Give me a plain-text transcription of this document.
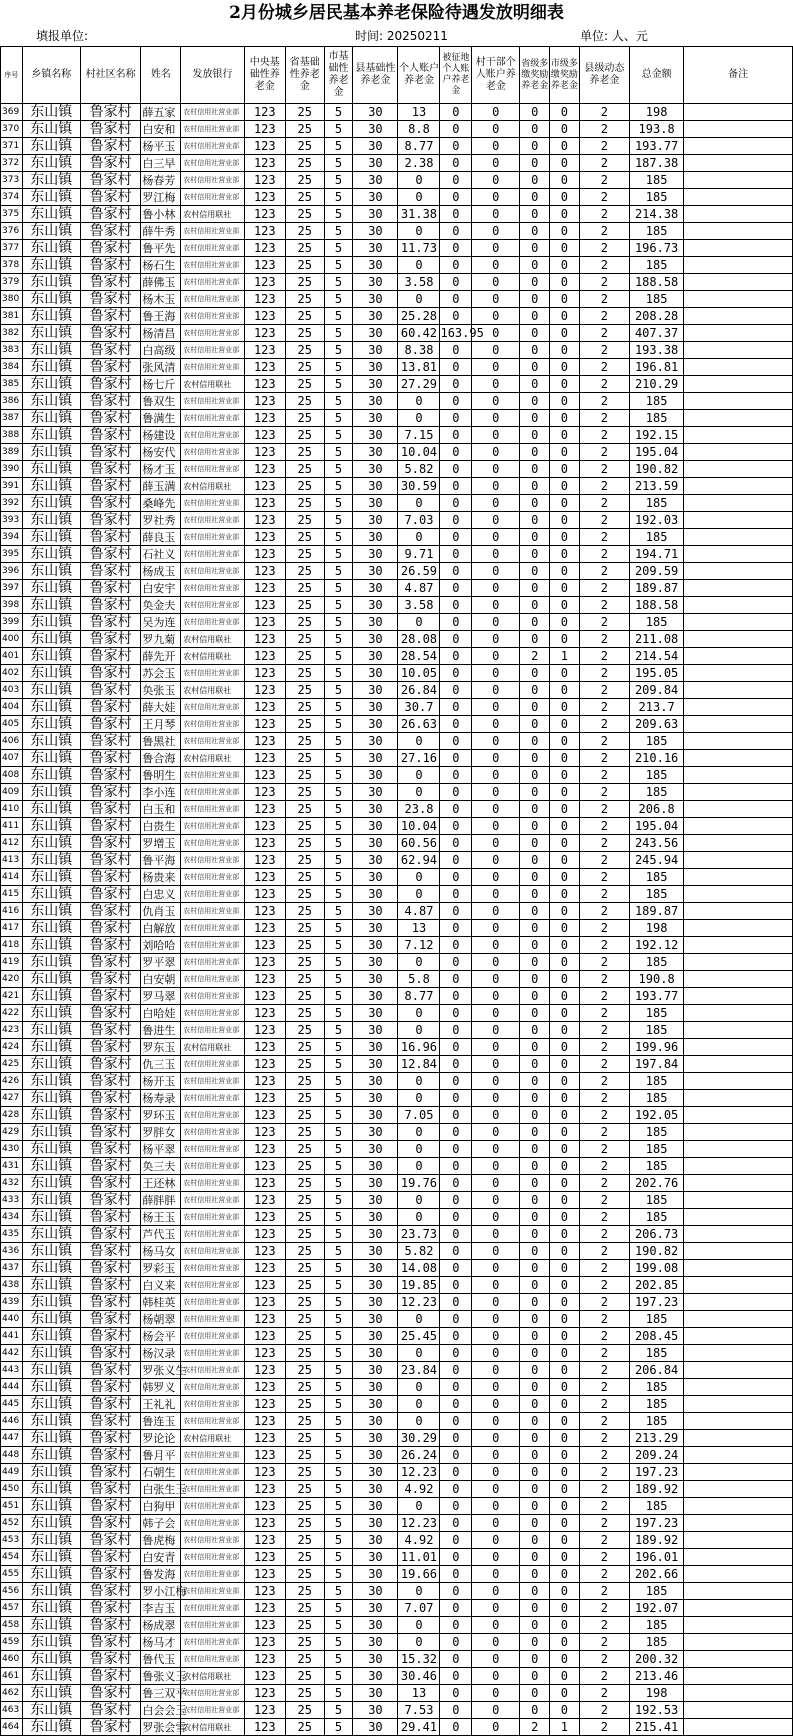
2月份城乡居民基本养老保险待遇发放明细表
填报单位:	时间: 20250211	单位: 人、元
序号	乡镇名称	村社区名称	姓名	发放银行	中央基础性养老金	省基础性养老金	市基础性养老金	县基础性养老金	个人账户养老金	被征地个人账户养老金	村干部个人账户养老金	省级多缴奖励养老金	市级多缴奖励养老金	县级动态养老金	总金额	备注
369	东山镇	鲁家村	薛五家	农村信用社营业部	123	25	5	30	13	0	0	0	0	2	198	
370	东山镇	鲁家村	白安和	农村信用社营业部	123	25	5	30	8.8	0	0	0	0	2	193.8	
371	东山镇	鲁家村	杨平玉	农村信用社营业部	123	25	5	30	8.77	0	0	0	0	2	193.77	
372	东山镇	鲁家村	白三早	农村信用社营业部	123	25	5	30	2.38	0	0	0	0	2	187.38	
373	东山镇	鲁家村	杨春芳	农村信用社营业部	123	25	5	30	0	0	0	0	0	2	185	
374	东山镇	鲁家村	罗江梅	农村信用社营业部	123	25	5	30	0	0	0	0	0	2	185	
375	东山镇	鲁家村	鲁小林	农村信用联社	123	25	5	30	31.38	0	0	0	0	2	214.38	
376	东山镇	鲁家村	薛牛秀	农村信用社营业部	123	25	5	30	0	0	0	0	0	2	185	
377	东山镇	鲁家村	鲁平先	农村信用社营业部	123	25	5	30	11.73	0	0	0	0	2	196.73	
378	东山镇	鲁家村	杨石生	农村信用社营业部	123	25	5	30	0	0	0	0	0	2	185	
379	东山镇	鲁家村	薛佛玉	农村信用社营业部	123	25	5	30	3.58	0	0	0	0	2	188.58	
380	东山镇	鲁家村	杨木玉	农村信用社营业部	123	25	5	30	0	0	0	0	0	2	185	
381	东山镇	鲁家村	鲁王海	农村信用社营业部	123	25	5	30	25.28	0	0	0	0	2	208.28	
382	东山镇	鲁家村	杨清昌	农村信用社营业部	123	25	5	30	60.42	163.95	0	0	0	2	407.37	
383	东山镇	鲁家村	白高级	农村信用社营业部	123	25	5	30	8.38	0	0	0	0	2	193.38	
384	东山镇	鲁家村	张风清	农村信用社营业部	123	25	5	30	13.81	0	0	0	0	2	196.81	
385	东山镇	鲁家村	杨七斤	农村信用联社	123	25	5	30	27.29	0	0	0	0	2	210.29	
386	东山镇	鲁家村	鲁双生	农村信用社营业部	123	25	5	30	0	0	0	0	0	2	185	
387	东山镇	鲁家村	鲁满生	农村信用社营业部	123	25	5	30	0	0	0	0	0	2	185	
388	东山镇	鲁家村	杨建设	农村信用社营业部	123	25	5	30	7.15	0	0	0	0	2	192.15	
389	东山镇	鲁家村	杨安代	农村信用社营业部	123	25	5	30	10.04	0	0	0	0	2	195.04	
390	东山镇	鲁家村	杨才玉	农村信用社营业部	123	25	5	30	5.82	0	0	0	0	2	190.82	
391	东山镇	鲁家村	薛玉满	农村信用联社	123	25	5	30	30.59	0	0	0	0	2	213.59	
392	东山镇	鲁家村	桑峰先	农村信用社营业部	123	25	5	30	0	0	0	0	0	2	185	
393	东山镇	鲁家村	罗社秀	农村信用社营业部	123	25	5	30	7.03	0	0	0	0	2	192.03	
394	东山镇	鲁家村	薛良玉	农村信用社营业部	123	25	5	30	0	0	0	0	0	2	185	
395	东山镇	鲁家村	石社义	农村信用社营业部	123	25	5	30	9.71	0	0	0	0	2	194.71	
396	东山镇	鲁家村	杨成玉	农村信用社营业部	123	25	5	30	26.59	0	0	0	0	2	209.59	
397	东山镇	鲁家村	白安宇	农村信用社营业部	123	25	5	30	4.87	0	0	0	0	2	189.87	
398	东山镇	鲁家村	奂金夫	农村信用社营业部	123	25	5	30	3.58	0	0	0	0	2	188.58	
399	东山镇	鲁家村	吴为连	农村信用社营业部	123	25	5	30	0	0	0	0	0	2	185	
400	东山镇	鲁家村	罗九菊	农村信用联社	123	25	5	30	28.08	0	0	0	0	2	211.08	
401	东山镇	鲁家村	薛先开	农村信用联社	123	25	5	30	28.54	0	0	2	1	2	214.54	
402	东山镇	鲁家村	苏会玉	农村信用社营业部	123	25	5	30	10.05	0	0	0	0	2	195.05	
403	东山镇	鲁家村	奂张玉	农村信用联社	123	25	5	30	26.84	0	0	0	0	2	209.84	
404	东山镇	鲁家村	薛大娃	农村信用社营业部	123	25	5	30	30.7	0	0	0	0	2	213.7	
405	东山镇	鲁家村	王月琴	农村信用社营业部	123	25	5	30	26.63	0	0	0	0	2	209.63	
406	东山镇	鲁家村	鲁黑社	农村信用社营业部	123	25	5	30	0	0	0	0	0	2	185	
407	东山镇	鲁家村	鲁合海	农村信用联社	123	25	5	30	27.16	0	0	0	0	2	210.16	
408	东山镇	鲁家村	鲁明生	农村信用社营业部	123	25	5	30	0	0	0	0	0	2	185	
409	东山镇	鲁家村	李小连	农村信用社营业部	123	25	5	30	0	0	0	0	0	2	185	
410	东山镇	鲁家村	白玉和	农村信用社营业部	123	25	5	30	23.8	0	0	0	0	2	206.8	
411	东山镇	鲁家村	白贵生	农村信用社营业部	123	25	5	30	10.04	0	0	0	0	2	195.04	
412	东山镇	鲁家村	罗增玉	农村信用社营业部	123	25	5	30	60.56	0	0	0	0	2	243.56	
413	东山镇	鲁家村	鲁平海	农村信用社营业部	123	25	5	30	62.94	0	0	0	0	2	245.94	
414	东山镇	鲁家村	杨贵来	农村信用社营业部	123	25	5	30	0	0	0	0	0	2	185	
415	东山镇	鲁家村	白忠义	农村信用社营业部	123	25	5	30	0	0	0	0	0	2	185	
416	东山镇	鲁家村	仇肖玉	农村信用社营业部	123	25	5	30	4.87	0	0	0	0	2	189.87	
417	东山镇	鲁家村	白解放	农村信用社营业部	123	25	5	30	13	0	0	0	0	2	198	
418	东山镇	鲁家村	刘哈哈	农村信用社营业部	123	25	5	30	7.12	0	0	0	0	2	192.12	
419	东山镇	鲁家村	罗平翠	农村信用社营业部	123	25	5	30	0	0	0	0	0	2	185	
420	东山镇	鲁家村	白安朝	农村信用社营业部	123	25	5	30	5.8	0	0	0	0	2	190.8	
421	东山镇	鲁家村	罗马翠	农村信用社营业部	123	25	5	30	8.77	0	0	0	0	2	193.77	
422	东山镇	鲁家村	白哈娃	农村信用社营业部	123	25	5	30	0	0	0	0	0	2	185	
423	东山镇	鲁家村	鲁进生	农村信用社营业部	123	25	5	30	0	0	0	0	0	2	185	
424	东山镇	鲁家村	罗东玉	农村信用联社	123	25	5	30	16.96	0	0	0	0	2	199.96	
425	东山镇	鲁家村	仇三玉	农村信用社营业部	123	25	5	30	12.84	0	0	0	0	2	197.84	
426	东山镇	鲁家村	杨开玉	农村信用社营业部	123	25	5	30	0	0	0	0	0	2	185	
427	东山镇	鲁家村	杨寿录	农村信用社营业部	123	25	5	30	0	0	0	0	0	2	185	
428	东山镇	鲁家村	罗环玉	农村信用社营业部	123	25	5	30	7.05	0	0	0	0	2	192.05	
429	东山镇	鲁家村	罗胖女	农村信用社营业部	123	25	5	30	0	0	0	0	0	2	185	
430	东山镇	鲁家村	杨平翠	农村信用社营业部	123	25	5	30	0	0	0	0	0	2	185	
431	东山镇	鲁家村	奂三夫	农村信用社营业部	123	25	5	30	0	0	0	0	0	2	185	
432	东山镇	鲁家村	王还林	农村信用社营业部	123	25	5	30	19.76	0	0	0	0	2	202.76	
433	东山镇	鲁家村	薛胖胖	农村信用社营业部	123	25	5	30	0	0	0	0	0	2	185	
434	东山镇	鲁家村	杨王玉	农村信用社营业部	123	25	5	30	0	0	0	0	0	2	185	
435	东山镇	鲁家村	芦代玉	农村信用社营业部	123	25	5	30	23.73	0	0	0	0	2	206.73	
436	东山镇	鲁家村	杨马女	农村信用社营业部	123	25	5	30	5.82	0	0	0	0	2	190.82	
437	东山镇	鲁家村	罗彩玉	农村信用社营业部	123	25	5	30	14.08	0	0	0	0	2	199.08	
438	东山镇	鲁家村	白义来	农村信用社营业部	123	25	5	30	19.85	0	0	0	0	2	202.85	
439	东山镇	鲁家村	韩桂英	农村信用社营业部	123	25	5	30	12.23	0	0	0	0	2	197.23	
440	东山镇	鲁家村	杨朝翠	农村信用社营业部	123	25	5	30	0	0	0	0	0	2	185	
441	东山镇	鲁家村	杨会平	农村信用社营业部	123	25	5	30	25.45	0	0	0	0	2	208.45	
442	东山镇	鲁家村	杨汉录	农村信用社营业部	123	25	5	30	0	0	0	0	0	2	185	
443	东山镇	鲁家村	罗张义生	农村信用社营业部	123	25	5	30	23.84	0	0	0	0	2	206.84	
444	东山镇	鲁家村	韩罗义	农村信用社营业部	123	25	5	30	0	0	0	0	0	2	185	
445	东山镇	鲁家村	王礼礼	农村信用社营业部	123	25	5	30	0	0	0	0	0	2	185	
446	东山镇	鲁家村	鲁连玉	农村信用社营业部	123	25	5	30	0	0	0	0	0	2	185	
447	东山镇	鲁家村	罗论论	农村信用联社	123	25	5	30	30.29	0	0	0	0	2	213.29	
448	东山镇	鲁家村	鲁月平	农村信用社营业部	123	25	5	30	26.24	0	0	0	0	2	209.24	
449	东山镇	鲁家村	石朝生	农村信用社营业部	123	25	5	30	12.23	0	0	0	0	2	197.23	
450	东山镇	鲁家村	白张生玉	农村信用社营业部	123	25	5	30	4.92	0	0	0	0	2	189.92	
451	东山镇	鲁家村	白狗甲	农村信用社营业部	123	25	5	30	0	0	0	0	0	2	185	
452	东山镇	鲁家村	韩子会	农村信用社营业部	123	25	5	30	12.23	0	0	0	0	2	197.23	
453	东山镇	鲁家村	鲁虎梅	农村信用社营业部	123	25	5	30	4.92	0	0	0	0	2	189.92	
454	东山镇	鲁家村	白安青	农村信用社营业部	123	25	5	30	11.01	0	0	0	0	2	196.01	
455	东山镇	鲁家村	鲁发海	农村信用社营业部	123	25	5	30	19.66	0	0	0	0	2	202.66	
456	东山镇	鲁家村	罗小江梅	农村信用社营业部	123	25	5	30	0	0	0	0	0	2	185	
457	东山镇	鲁家村	李吉玉	农村信用社营业部	123	25	5	30	7.07	0	0	0	0	2	192.07	
458	东山镇	鲁家村	杨成翠	农村信用社营业部	123	25	5	30	0	0	0	0	0	2	185	
459	东山镇	鲁家村	杨马才	农村信用社营业部	123	25	5	30	0	0	0	0	0	2	185	
460	东山镇	鲁家村	鲁代玉	农村信用社营业部	123	25	5	30	15.32	0	0	0	0	2	200.32	
461	东山镇	鲁家村	鲁张义玉	农村信用联社	123	25	5	30	30.46	0	0	0	0	2	213.46	
462	东山镇	鲁家村	鲁三双平	农村信用社营业部	123	25	5	30	13	0	0	0	0	2	198	
463	东山镇	鲁家村	白会会玉	农村信用社营业部	123	25	5	30	7.53	0	0	0	0	2	192.53	
464	东山镇	鲁家村	罗张会雪	农村信用联社	123	25	5	30	29.41	0	0	2	1	2	215.41	
